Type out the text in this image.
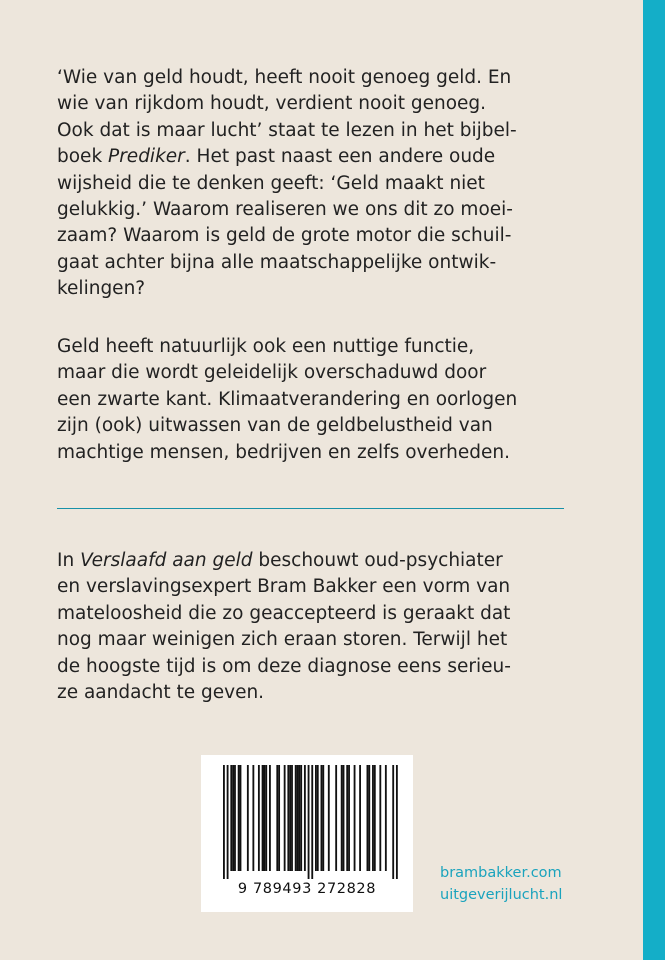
‘Wie van geld houdt, heeft nooit genoeg geld. En
wie van rijkdom houdt, verdient nooit genoeg.
Ook dat is maar lucht’ staat te lezen in het bijbel-
boek Prediker. Het past naast een andere oude
wijsheid die te denken geeft: ‘Geld maakt niet
gelukkig.’ Waarom realiseren we ons dit zo moei-
zaam? Waarom is geld de grote motor die schuil-
gaat achter bijna alle maatschappelijke ontwik-
kelingen?

Geld heeft natuurlijk ook een nuttige functie,
maar die wordt geleidelijk overschaduwd door
een zwarte kant. Klimaatverandering en oorlogen
zijn (ook) uitwassen van de geldbelustheid van
machtige mensen, bedrijven en zelfs overheden.

In Verslaafd aan geld beschouwt oud-psychiater
en verslavingsexpert Bram Bakker een vorm van
mateloosheid die zo geaccepteerd is geraakt dat
nog maar weinigen zich eraan storen. Terwijl het
de hoogste tijd is om deze diagnose eens serieu-
ze aandacht te geven.

9 789493 272828
brambakker.com
uitgeverijlucht.nl
